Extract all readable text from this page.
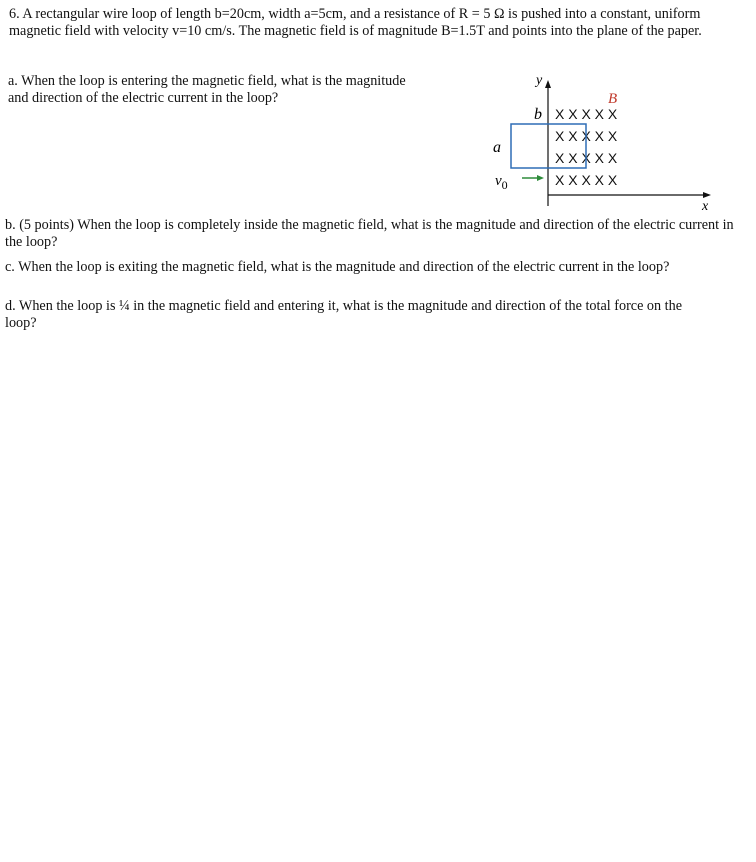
6. A rectangular wire loop of length b=20cm, width a=5cm, and a resistance of R = 5 Ω is pushed into a constant, uniform magnetic field with velocity v=10 cm/s. The magnetic field is of magnitude B=1.5T and points into the plane of the paper.

a. When the loop is entering the magnetic field, what is the magnitude and direction of the electric current in the loop?

y
x
B
b X X X X X
X X X X X
X X X X X
X X X X X
a
$v_0$

b. (5 points) When the loop is completely inside the magnetic field, what is the magnitude and direction of the electric current in the loop?

c. When the loop is exiting the magnetic field, what is the magnitude and direction of the electric current in the loop?

d. When the loop is ¼ in the magnetic field and entering it, what is the magnitude and direction of the total force on the loop?
